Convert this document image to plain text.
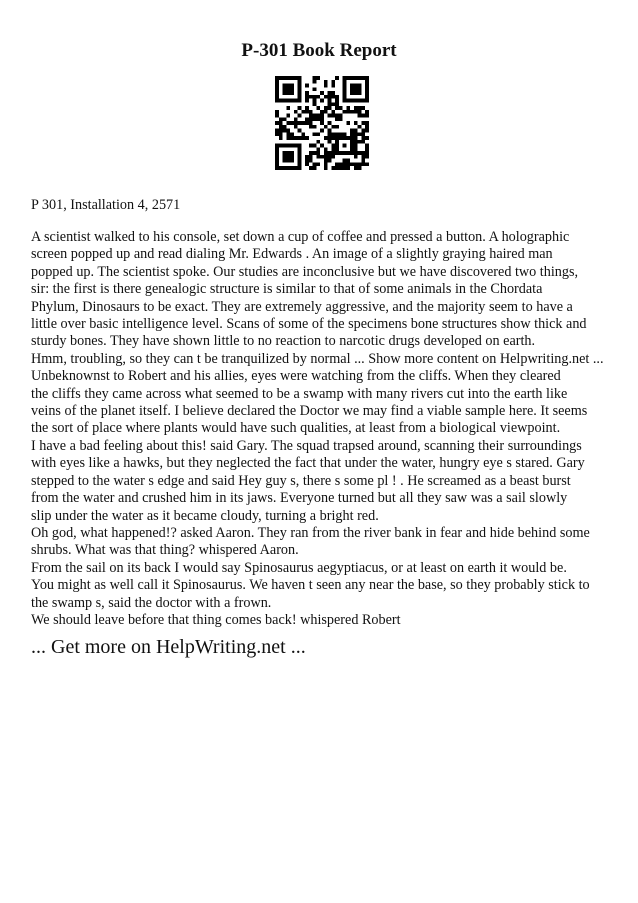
P-301 Book Report

P 301, Installation 4, 2571

A scientist walked to his console, set down a cup of coffee and pressed a button. A holographic
screen popped up and read dialing Mr. Edwards . An image of a slightly graying haired man
popped up. The scientist spoke. Our studies are inconclusive but we have discovered two things,
sir: the first is there genealogic structure is similar to that of some animals in the Chordata
Phylum, Dinosaurs to be exact. They are extremely aggressive, and the majority seem to have a
little over basic intelligence level. Scans of some of the specimens bone structures show thick and
sturdy bones. They have shown little to no reaction to narcotic drugs developed on earth.
Hmm, troubling, so they can t be tranquilized by normal ... Show more content on Helpwriting.net ...
Unbeknownst to Robert and his allies, eyes were watching from the cliffs. When they cleared
the cliffs they came across what seemed to be a swamp with many rivers cut into the earth like
veins of the planet itself. I believe declared the Doctor we may find a viable sample here. It seems
the sort of place where plants would have such qualities, at least from a biological viewpoint.
I have a bad feeling about this! said Gary. The squad trapsed around, scanning their surroundings
with eyes like a hawks, but they neglected the fact that under the water, hungry eye s stared. Gary
stepped to the water s edge and said Hey guy s, there s some pl ! . He screamed as a beast burst
from the water and crushed him in its jaws. Everyone turned but all they saw was a sail slowly
slip under the water as it became cloudy, turning a bright red.
Oh god, what happened!? asked Aaron. They ran from the river bank in fear and hide behind some
shrubs. What was that thing? whispered Aaron.
From the sail on its back I would say Spinosaurus aegyptiacus, or at least on earth it would be.
You might as well call it Spinosaurus. We haven t seen any near the base, so they probably stick to
the swamp s, said the doctor with a frown.
We should leave before that thing comes back! whispered Robert

... Get more on HelpWriting.net ...
